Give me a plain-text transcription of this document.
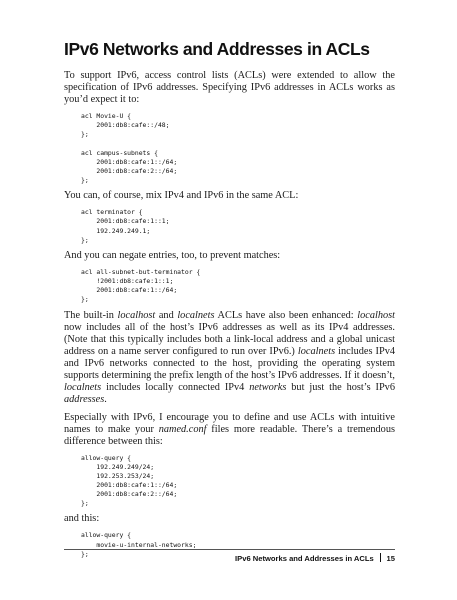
IPv6 Networks and Addresses in ACLs

To support IPv6, access control lists (ACLs) were extended to allow the specification of IPv6 addresses. Specifying IPv6 addresses in ACLs works as you’d expect it to:

acl Movie-U {
2001:db8:cafe::/48;
};

acl campus-subnets {
2001:db8:cafe:1::/64;
2001:db8:cafe:2::/64;
};

You can, of course, mix IPv4 and IPv6 in the same ACL:

acl terminator {
2001:db8:cafe:1::1;
192.249.249.1;
};

And you can negate entries, too, to prevent matches:

acl all-subnet-but-terminator {
!2001:db8:cafe:1::1;
2001:db8:cafe:1::/64;
};

The built-in localhost and localnets ACLs have also been enhanced: localhost now includes all of the host’s IPv6 addresses as well as its IPv4 addresses. (Note that this typically includes both a link-local address and a global unicast address on a name server configured to run over IPv6.) localnets includes IPv4 and IPv6 networks connected to the host, providing the operating system supports determining the prefix length of the host’s IPv6 addresses. If it doesn’t, localnets includes locally connected IPv4 networks but just the host’s IPv6 addresses.

Especially with IPv6, I encourage you to define and use ACLs with intuitive names to make your named.conf files more readable. There’s a tremendous difference between this:

allow-query {
192.249.249/24;
192.253.253/24;
2001:db8:cafe:1::/64;
2001:db8:cafe:2::/64;
};

and this:

allow-query {
movie-u-internal-networks;
};
IPv6 Networks and Addresses in ACLs 15
